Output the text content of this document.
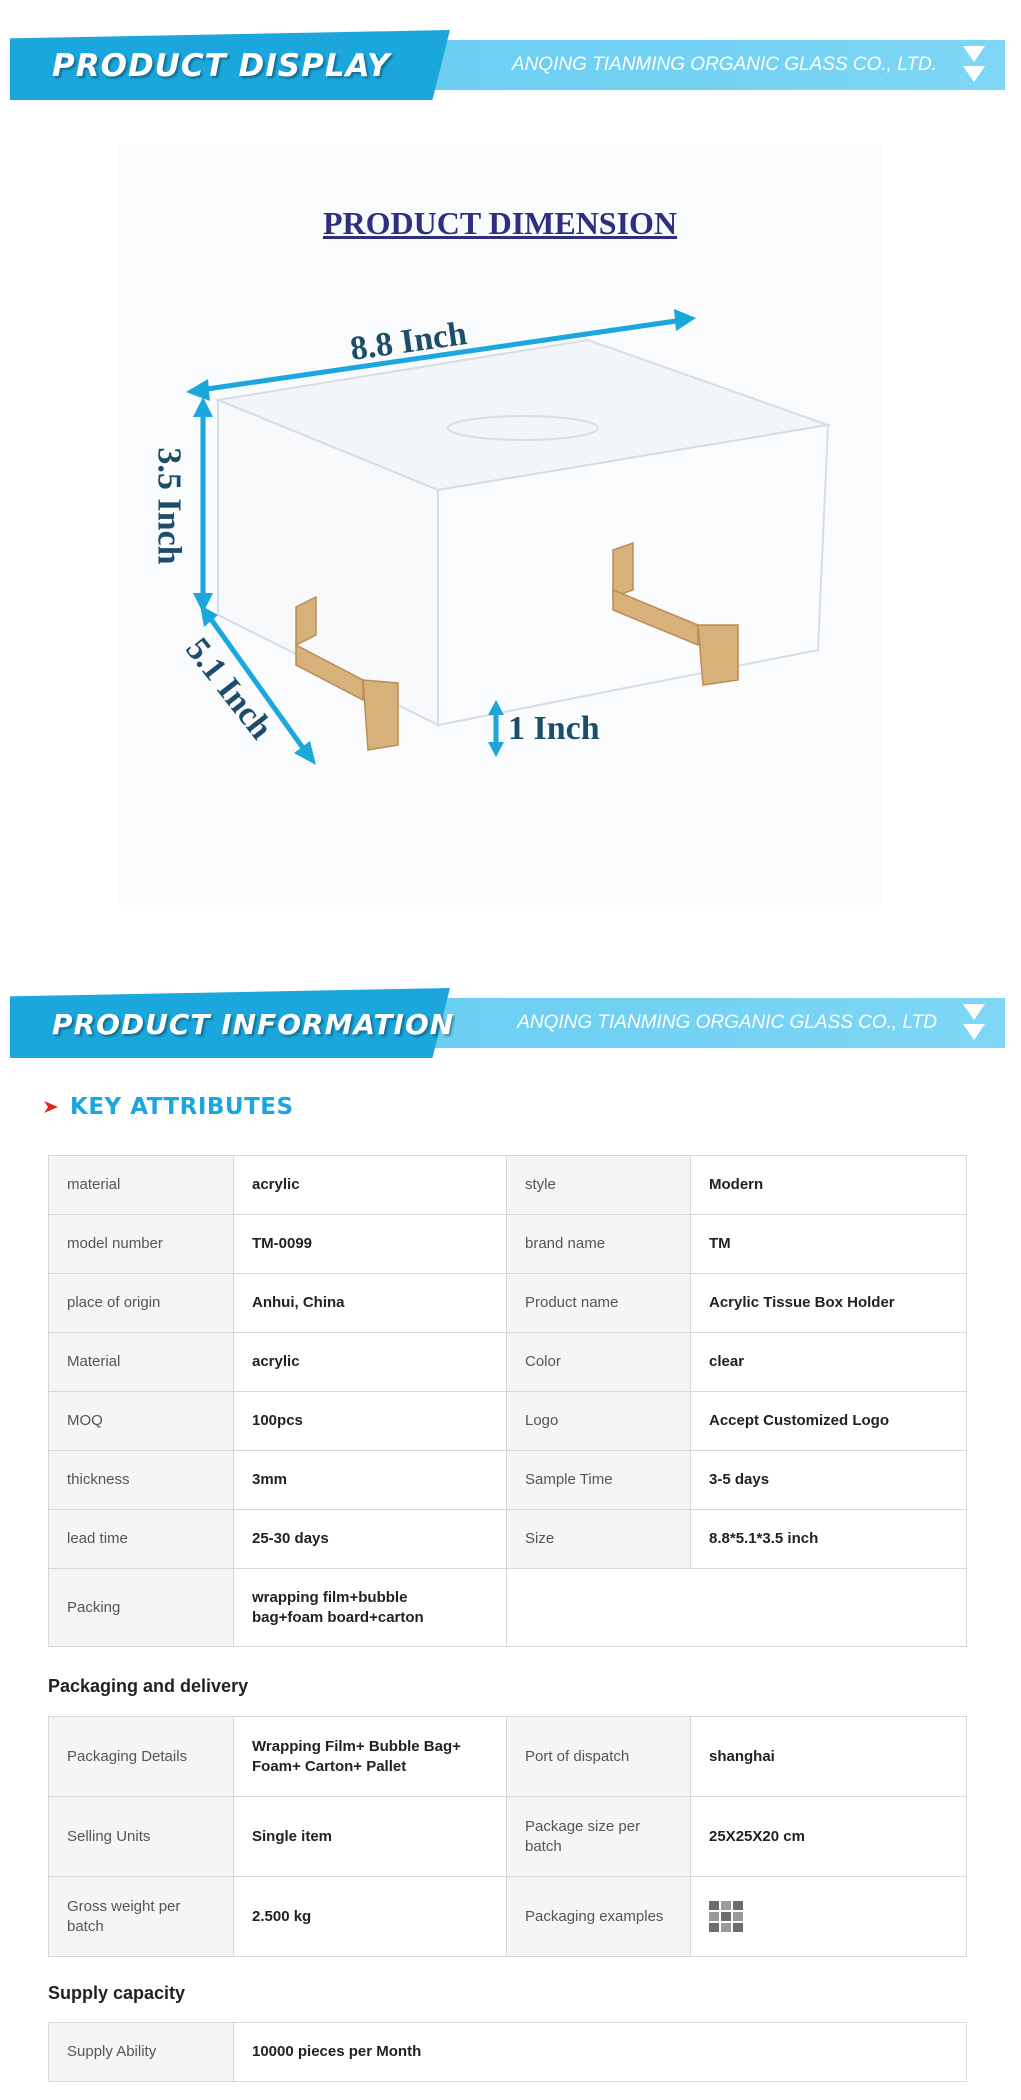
PRODUCT DISPLAY	ANQING TIANMING ORGANIC GLASS CO., LTD.
PRODUCT DIMENSION
8.8 Inch
3.5 Inch
5.1 Inch	1 Inch
PRODUCT INFORMATION	ANQING TIANMING ORGANIC GLASS CO., LTD
KEY ATTRIBUTES
material	acrylic	style	Modern
model number	TM-0099	brand name	TM
place of origin	Anhui, China	Product name	Acrylic Tissue Box Holder
Material	acrylic	Color	clear
MOQ	100pcs	Logo	Accept Customized Logo
thickness	3mm	Sample Time	3-5 days
lead time	25-30 days	Size	8.8*5.1*3.5 inch
Packing	wrapping film+bubble bag+foam board+carton		
Packaging and delivery
Packaging Details	Wrapping Film+ Bubble Bag+ Foam+ Carton+ Pallet	Port of dispatch	shanghai
Selling Units	Single item	Package size per batch	25X25X20 cm
Gross weight per batch	2.500 kg	Packaging examples	
Supply capacity
Supply Ability	10000 pieces per Month
